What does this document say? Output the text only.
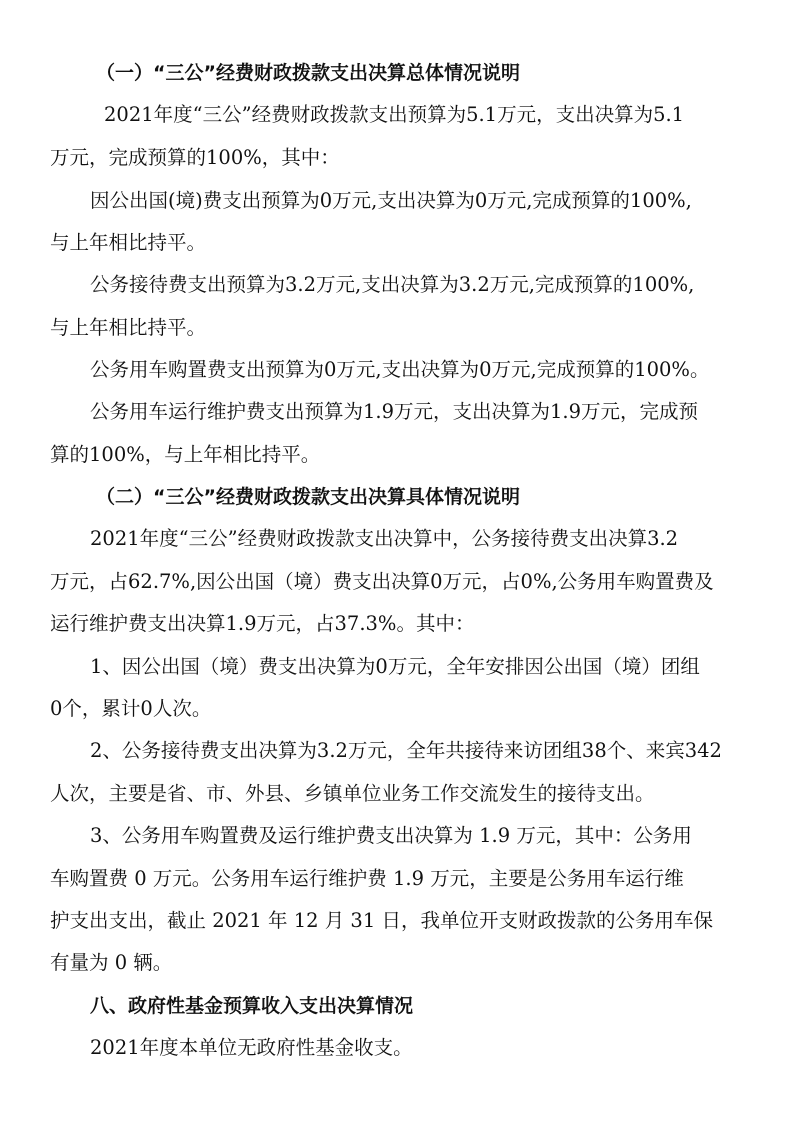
（一）“三公”经费财政拨款支出决算总体情况说明
2021年度“三公”经费财政拨款支出预算为5.1万元，支出决算为5.1
万元，完成预算的100%，其中：
因公出国(境)费支出预算为0万元,支出决算为0万元,完成预算的100%,
与上年相比持平。
公务接待费支出预算为3.2万元,支出决算为3.2万元,完成预算的100%,
与上年相比持平。
公务用车购置费支出预算为0万元,支出决算为0万元,完成预算的100%。
公务用车运行维护费支出预算为1.9万元，支出决算为1.9万元，完成预
算的100%，与上年相比持平。
（二）“三公”经费财政拨款支出决算具体情况说明
2021年度“三公”经费财政拨款支出决算中，公务接待费支出决算3.2
万元，占62.7%,因公出国（境）费支出决算0万元，占0%,公务用车购置费及
运行维护费支出决算1.9万元，占37.3%。其中：
1、因公出国（境）费支出决算为0万元，全年安排因公出国（境）团组
0个，累计0人次。
2、公务接待费支出决算为3.2万元，全年共接待来访团组38个、来宾342
人次，主要是省、市、外县、乡镇单位业务工作交流发生的接待支出。
3、公务用车购置费及运行维护费支出决算为 1.9 万元，其中：公务用
车购置费 0 万元。公务用车运行维护费 1.9 万元，主要是公务用车运行维
护支出支出，截止 2021 年 12 月 31 日，我单位开支财政拨款的公务用车保
有量为 0 辆。
八、政府性基金预算收入支出决算情况
2021年度本单位无政府性基金收支。
